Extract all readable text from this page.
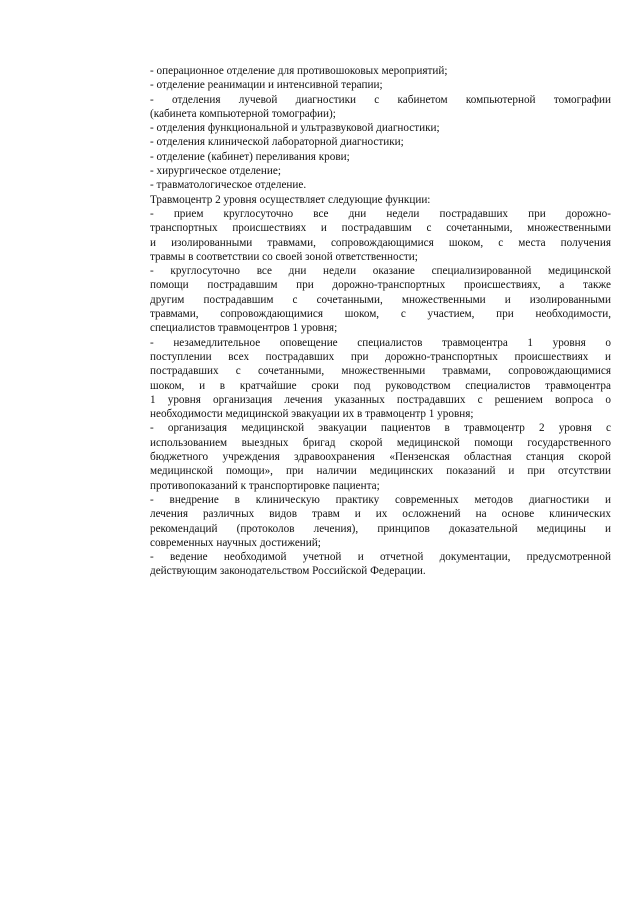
- операционное отделение для противошоковых мероприятий;

- отделение реанимации и интенсивной терапии;

- отделения лучевой диагностики с кабинетом компьютерной томографии

(кабинета компьютерной томографии);

- отделения функциональной и ультразвуковой диагностики;

- отделения клинической лабораторной диагностики;

- отделение (кабинет) переливания крови;

- хирургическое отделение;

- травматологическое отделение.

Травмоцентр 2 уровня осуществляет следующие функции:

- прием круглосуточно все дни недели пострадавших при дорожно-

транспортных происшествиях и пострадавшим с сочетанными, множественными

и изолированными травмами, сопровождающимися шоком, с места получения

травмы в соответствии со своей зоной ответственности;

- круглосуточно все дни недели оказание специализированной медицинской

помощи пострадавшим при дорожно-транспортных происшествиях, а также

другим пострадавшим с сочетанными, множественными и изолированными

травмами, сопровождающимися шоком, с участием, при необходимости,

специалистов травмоцентров 1 уровня;

- незамедлительное оповещение специалистов травмоцентра 1 уровня о

поступлении всех пострадавших при дорожно-транспортных происшествиях и

пострадавших с сочетанными, множественными травмами, сопровождающимися

шоком, и в кратчайшие сроки под руководством специалистов травмоцентра

1 уровня организация лечения указанных пострадавших с решением вопроса о

необходимости медицинской эвакуации их в травмоцентр 1 уровня;

- организация медицинской эвакуации пациентов в травмоцентр 2 уровня с

использованием выездных бригад скорой медицинской помощи государственного

бюджетного учреждения здравоохранения «Пензенская областная станция скорой

медицинской помощи», при наличии медицинских показаний и при отсутствии

противопоказаний к транспортировке пациента;

- внедрение в клиническую практику современных методов диагностики и

лечения различных видов травм и их осложнений на основе клинических

рекомендаций (протоколов лечения), принципов доказательной медицины и

современных научных достижений;

- ведение необходимой учетной и отчетной документации, предусмотренной

действующим законодательством Российской Федерации.
